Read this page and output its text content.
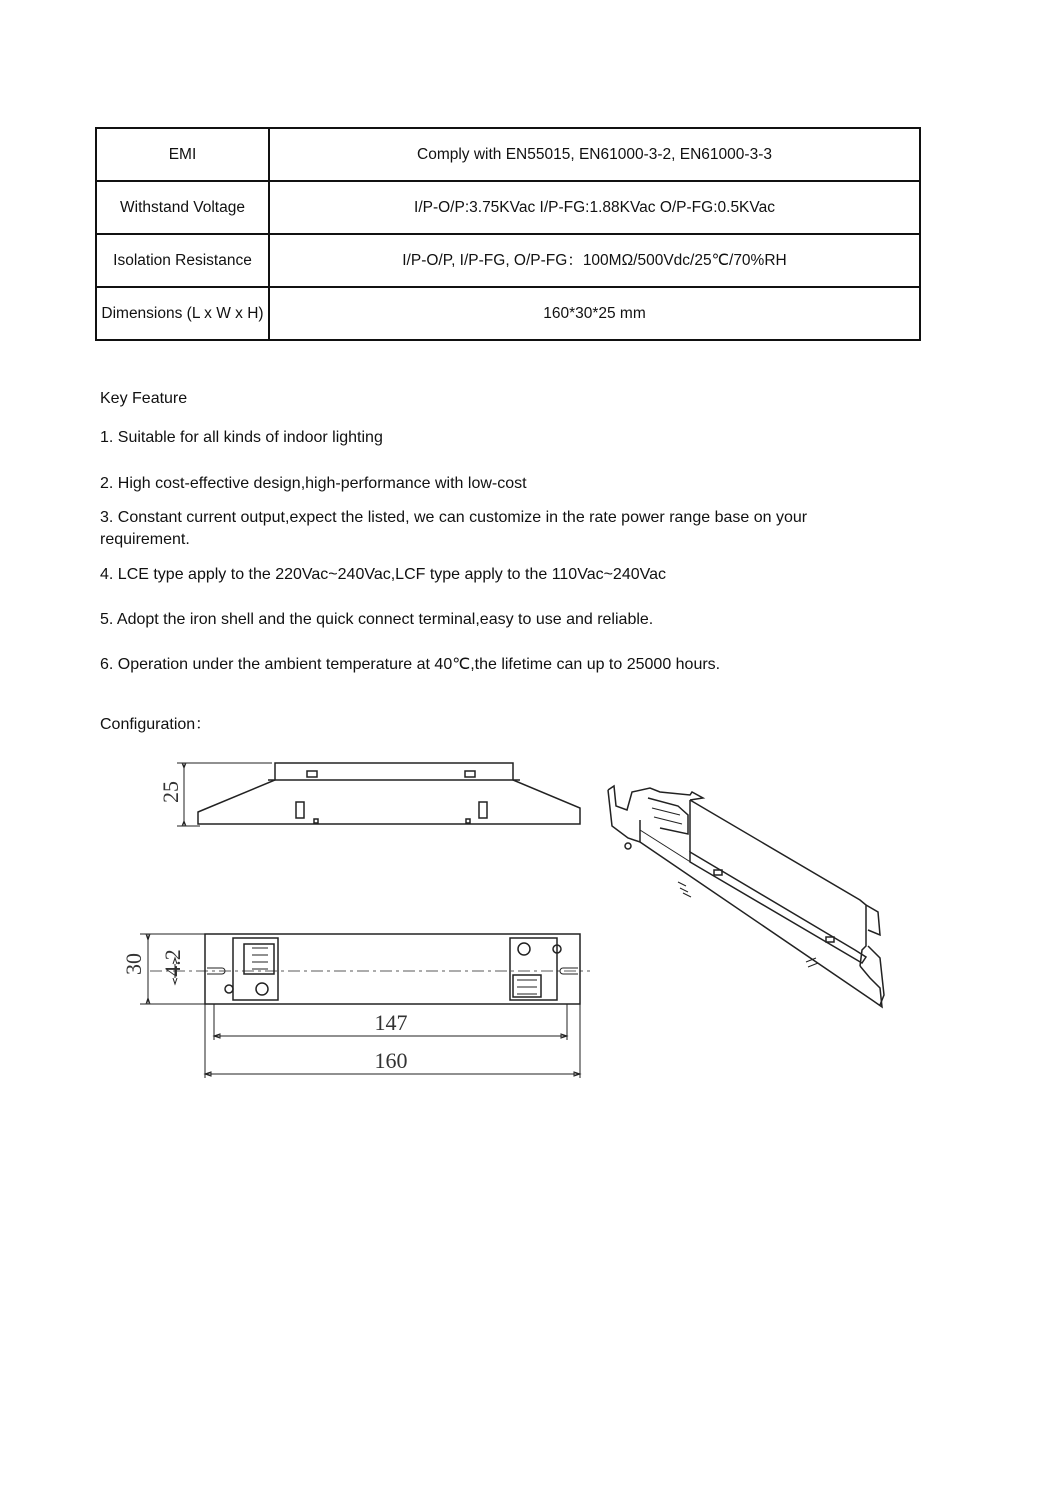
EMI	Comply with EN55015, EN61000-3-2, EN61000-3-3
Withstand Voltage	I/P-O/P:3.75KVac I/P-FG:1.88KVac O/P-FG:0.5KVac
Isolation Resistance	I/P-O/P, I/P-FG, O/P-FG：100MΩ/500Vdc/25℃/70%RH
Dimensions (L x W x H)	160*30*25 mm
Key Feature
1. Suitable for all kinds of indoor lighting
2. High cost-effective design,high-performance with low-cost
3. Constant current output,expect the listed, we can customize in the rate power range base on your requirement.
4. LCE type apply to the 220Vac~240Vac,LCF type apply to the 110Vac~240Vac
5. Adopt the iron shell and the quick connect terminal,easy to use and reliable.
6. Operation under the ambient temperature at 40℃,the lifetime can up to 25000 hours.
Configuration：
25
30 4.2
147
160
